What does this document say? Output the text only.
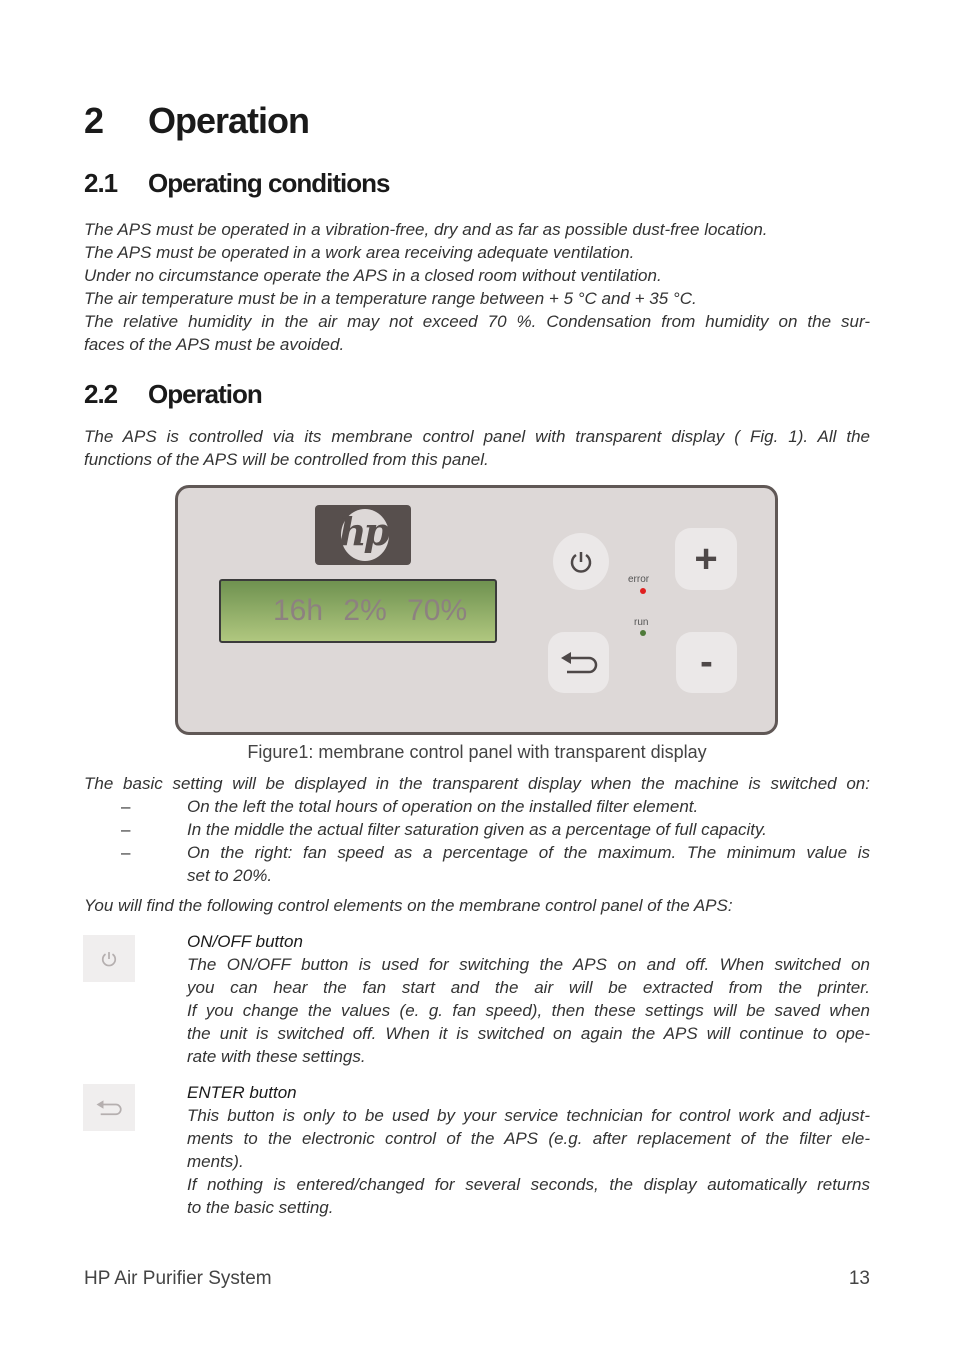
2 Operation
2.1 Operating conditions
2.2 Operation
The APS must be operated in a vibration-free, dry and as far as possible dust-free location.
The APS must be operated in a work area receiving adequate ventilation.
Under no circumstance operate the APS in a closed room without ventilation.
The air temperature must be in a temperature range between + 5 °C and + 35 °C.
The relative humidity in the air may not exceed 70 %. Condensation from humidity on the sur-
faces of the APS must be avoided.
The APS is controlled via its membrane control panel with transparent display ( Fig. 1). All the
functions of the APS will be controlled from this panel.
The basic setting will be displayed in the transparent display when the machine is switched on:
–	On the left the total hours of operation on the installed filter element.
–	In the middle the actual filter saturation given as a percentage of full capacity.
–	On the right: fan speed as a percentage of the maximum. The minimum value is
set to 20%.
You will find the following control elements on the membrane control panel of the APS:
ON/OFF button
The ON/OFF button is used for switching the APS on and off. When switched on
you can hear the fan start and the air will be extracted from the printer.
If you change the values (e. g. fan speed), then these settings will be saved when
the unit is switched off. When it is switched on again the APS will continue to ope-
rate with these settings.
ENTER button
This button is only to be used by your service technician for control work and adjust-
ments to the electronic control of the APS (e.g. after replacement of the filter ele-
ments).
If nothing is entered/changed for several seconds, the display automatically returns
to the basic setting.
hp
16h 2% 70%
+
-
error
run
Figure1: membrane control panel with transparent display
HP Air Purifier System	13
